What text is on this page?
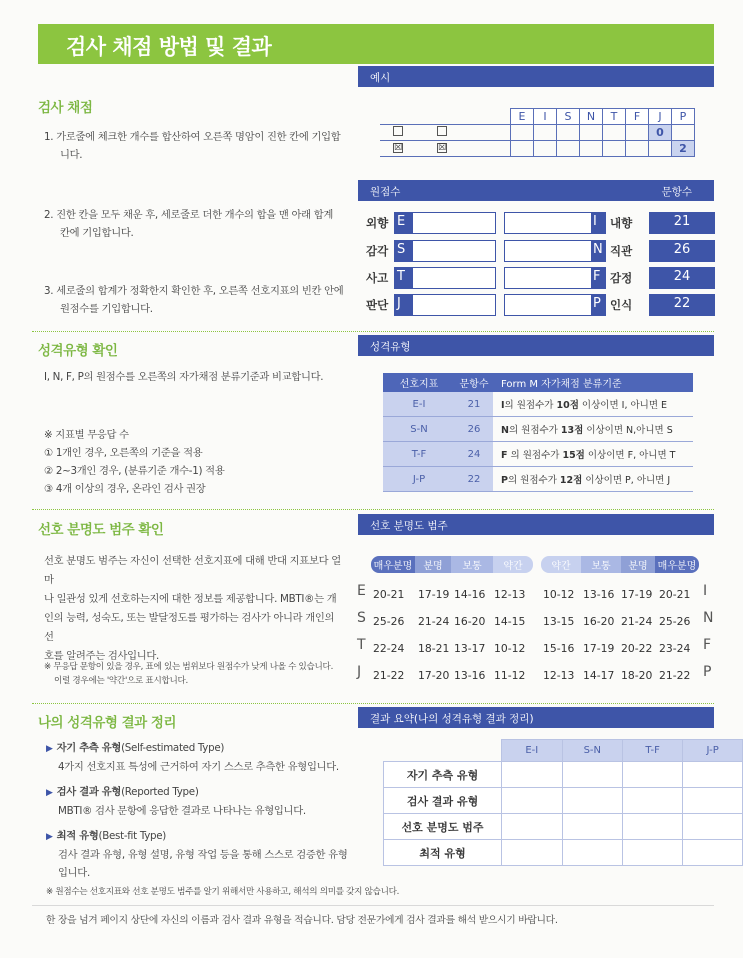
검사 채점 방법 및 결과
검사 채점
1. 가로줄에 체크한 개수를 합산하여 오른쪽 명암이 진한 칸에 기입합
니다.
2. 진한 칸을 모두 채운 후, 세로줄로 더한 개수의 합을 맨 아래 합계
칸에 기입합니다.
3. 세로줄의 합계가 정확한지 확인한 후, 오른쪽 선호지표의 빈칸 안에
원점수를 기입합니다.
예시
☒	☒
E	I	S	N	T	F	J	P
						0	
							2
원점수	문항수
외향 E	I	내향	21
감각 S	N 직관	26
사고 T	F 감정	24
판단 J	P 인식	22
성격유형 확인	성격유형
I, N, F, P의 원점수를 오른쪽의 자가채점 분류기준과 비교합니다.
※ 지표별 무응답 수
① 1개인 경우, 오른쪽의 기준을 적용
② 2~3개인 경우, (분류기준 개수-1) 적용
③ 4개 이상의 경우, 온라인 검사 권장
선호지표	문항수	Form M 자가채점 분류기준
E-I	21	I의 원점수가 10점 이상이면 I, 아니면 E
S-N	26	N의 원점수가 13점 이상이면 N,아니면 S
T-F	24	F 의 원점수가 15점 이상이면 F, 아니면 T
J-P	22	P의 원점수가 12점 이상이면 P, 아니면 J
선호 분명도 범주 확인	선호 분명도 범주
선호 분명도 범주는 자신이 선택한 선호지표에 대해 반대 지표보다 얼마
나 일관성 있게 선호하는지에 대한 정보를 제공합니다. MBTI®는 개
인의 능력, 성숙도, 또는 발달정도를 평가하는 검사가 아니라 개인의 선
호를 알려주는 검사입니다.
※ 무응답 문항이 있을 경우, 표에 있는 범위보다 원점수가 낮게 나올 수 있습니다.
이럴 경우에는 '약간'으로 표시합니다.
매우분명	분명	보통	약간	약간	보통	분명	매우분명
E 20-21 17-19 14-16 12-13 10-12 13-16 17-19 20-21 I
S 25-26 21-24 16-20 14-15 13-15 16-20 21-24 25-26 N
T 22-24 18-21 13-17 10-12 15-16 17-19 20-22 23-24 F
J 21-22 17-20 13-16 11-12 12-13 14-17 18-20 21-22 P
나의 성격유형 결과 정리	결과 요약(나의 성격유형 결과 정리)
▶ 자기 추측 유형(Self-estimated Type)
4가지 선호지표 특성에 근거하여 자기 스스로 추측한 유형입니다.
▶ 검사 결과 유형(Reported Type)
MBTI® 검사 문항에 응답한 결과로 나타나는 유형입니다.
▶ 최적 유형(Best-fit Type)
검사 결과 유형, 유형 설명, 유형 작업 등을 통해 스스로 검증한 유형
입니다.
	E-I	S-N	T-F	J-P
자기 추측 유형				
검사 결과 유형				
선호 분명도 범주				
최적 유형				
※ 원점수는 선호지표와 선호 분명도 범주를 알기 위해서만 사용하고, 해석의 의미를 갖지 않습니다.
한 장을 넘겨 페이지 상단에 자신의 이름과 검사 결과 유형을 적습니다. 담당 전문가에게 검사 결과를 해석 받으시기 바랍니다.
